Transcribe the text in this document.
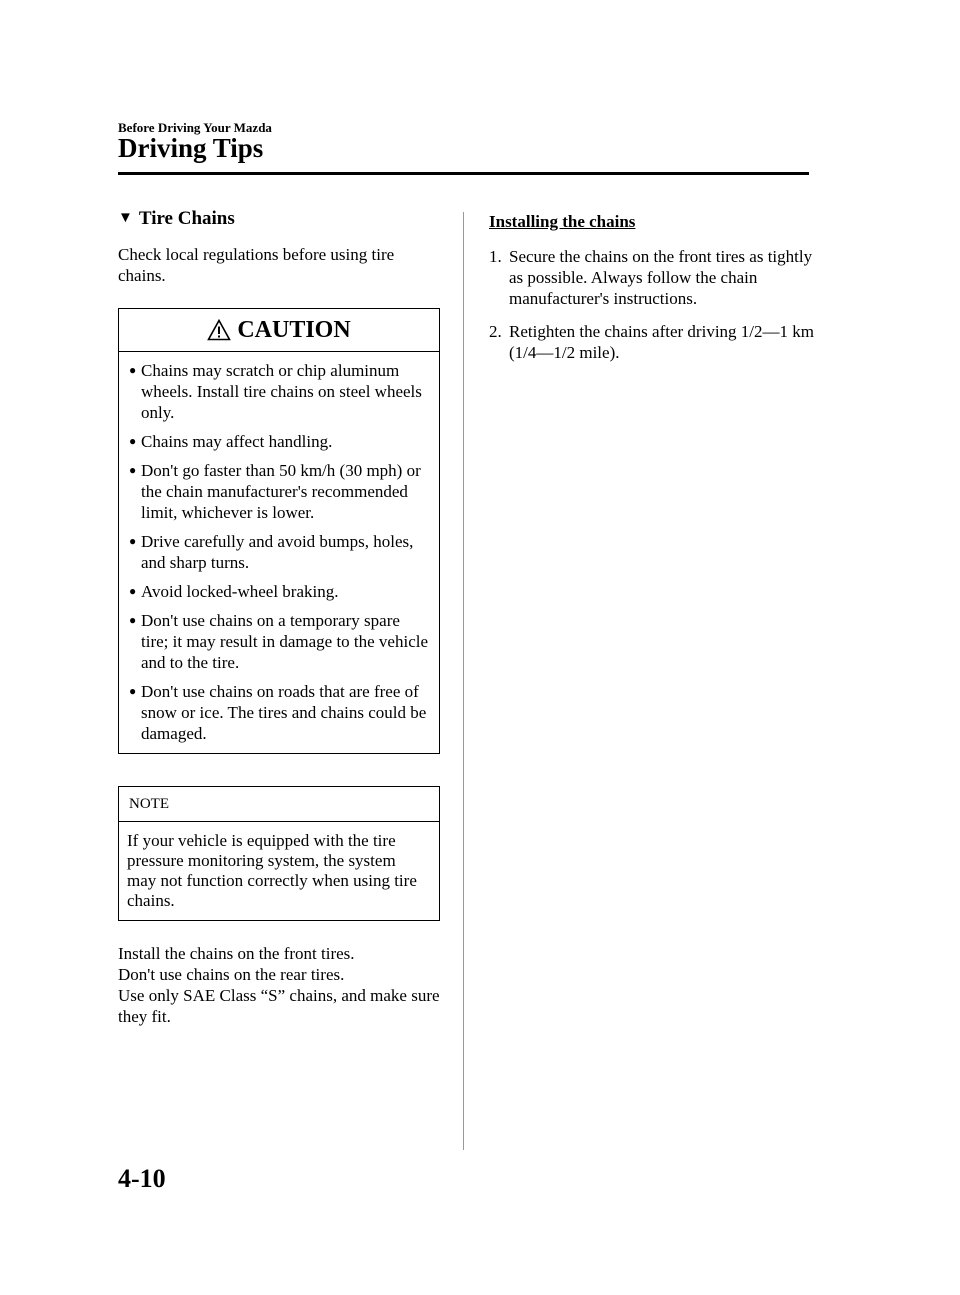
Before Driving Your Mazda
Driving Tips
▼ Tire Chains

Check local regulations before using tire chains.

CAUTION
● Chains may scratch or chip aluminum wheels. Install tire chains on steel wheels only.
● Chains may affect handling.
● Don't go faster than 50 km/h (30 mph) or the chain manufacturer's recommended limit, whichever is lower.
● Drive carefully and avoid bumps, holes, and sharp turns.
● Avoid locked-wheel braking.
● Don't use chains on a temporary spare tire; it may result in damage to the vehicle and to the tire.
● Don't use chains on roads that are free of snow or ice. The tires and chains could be damaged.
NOTE
If your vehicle is equipped with the tire pressure monitoring system, the system may not function correctly when using tire chains.

Install the chains on the front tires.
Don't use chains on the rear tires.
Use only SAE Class “S” chains, and make sure they fit.

Installing the chains
1. Secure the chains on the front tires as tightly as possible. Always follow the chain manufacturer's instructions.
2. Retighten the chains after driving 1/2―1 km (1/4―1/2 mile).
4-10
